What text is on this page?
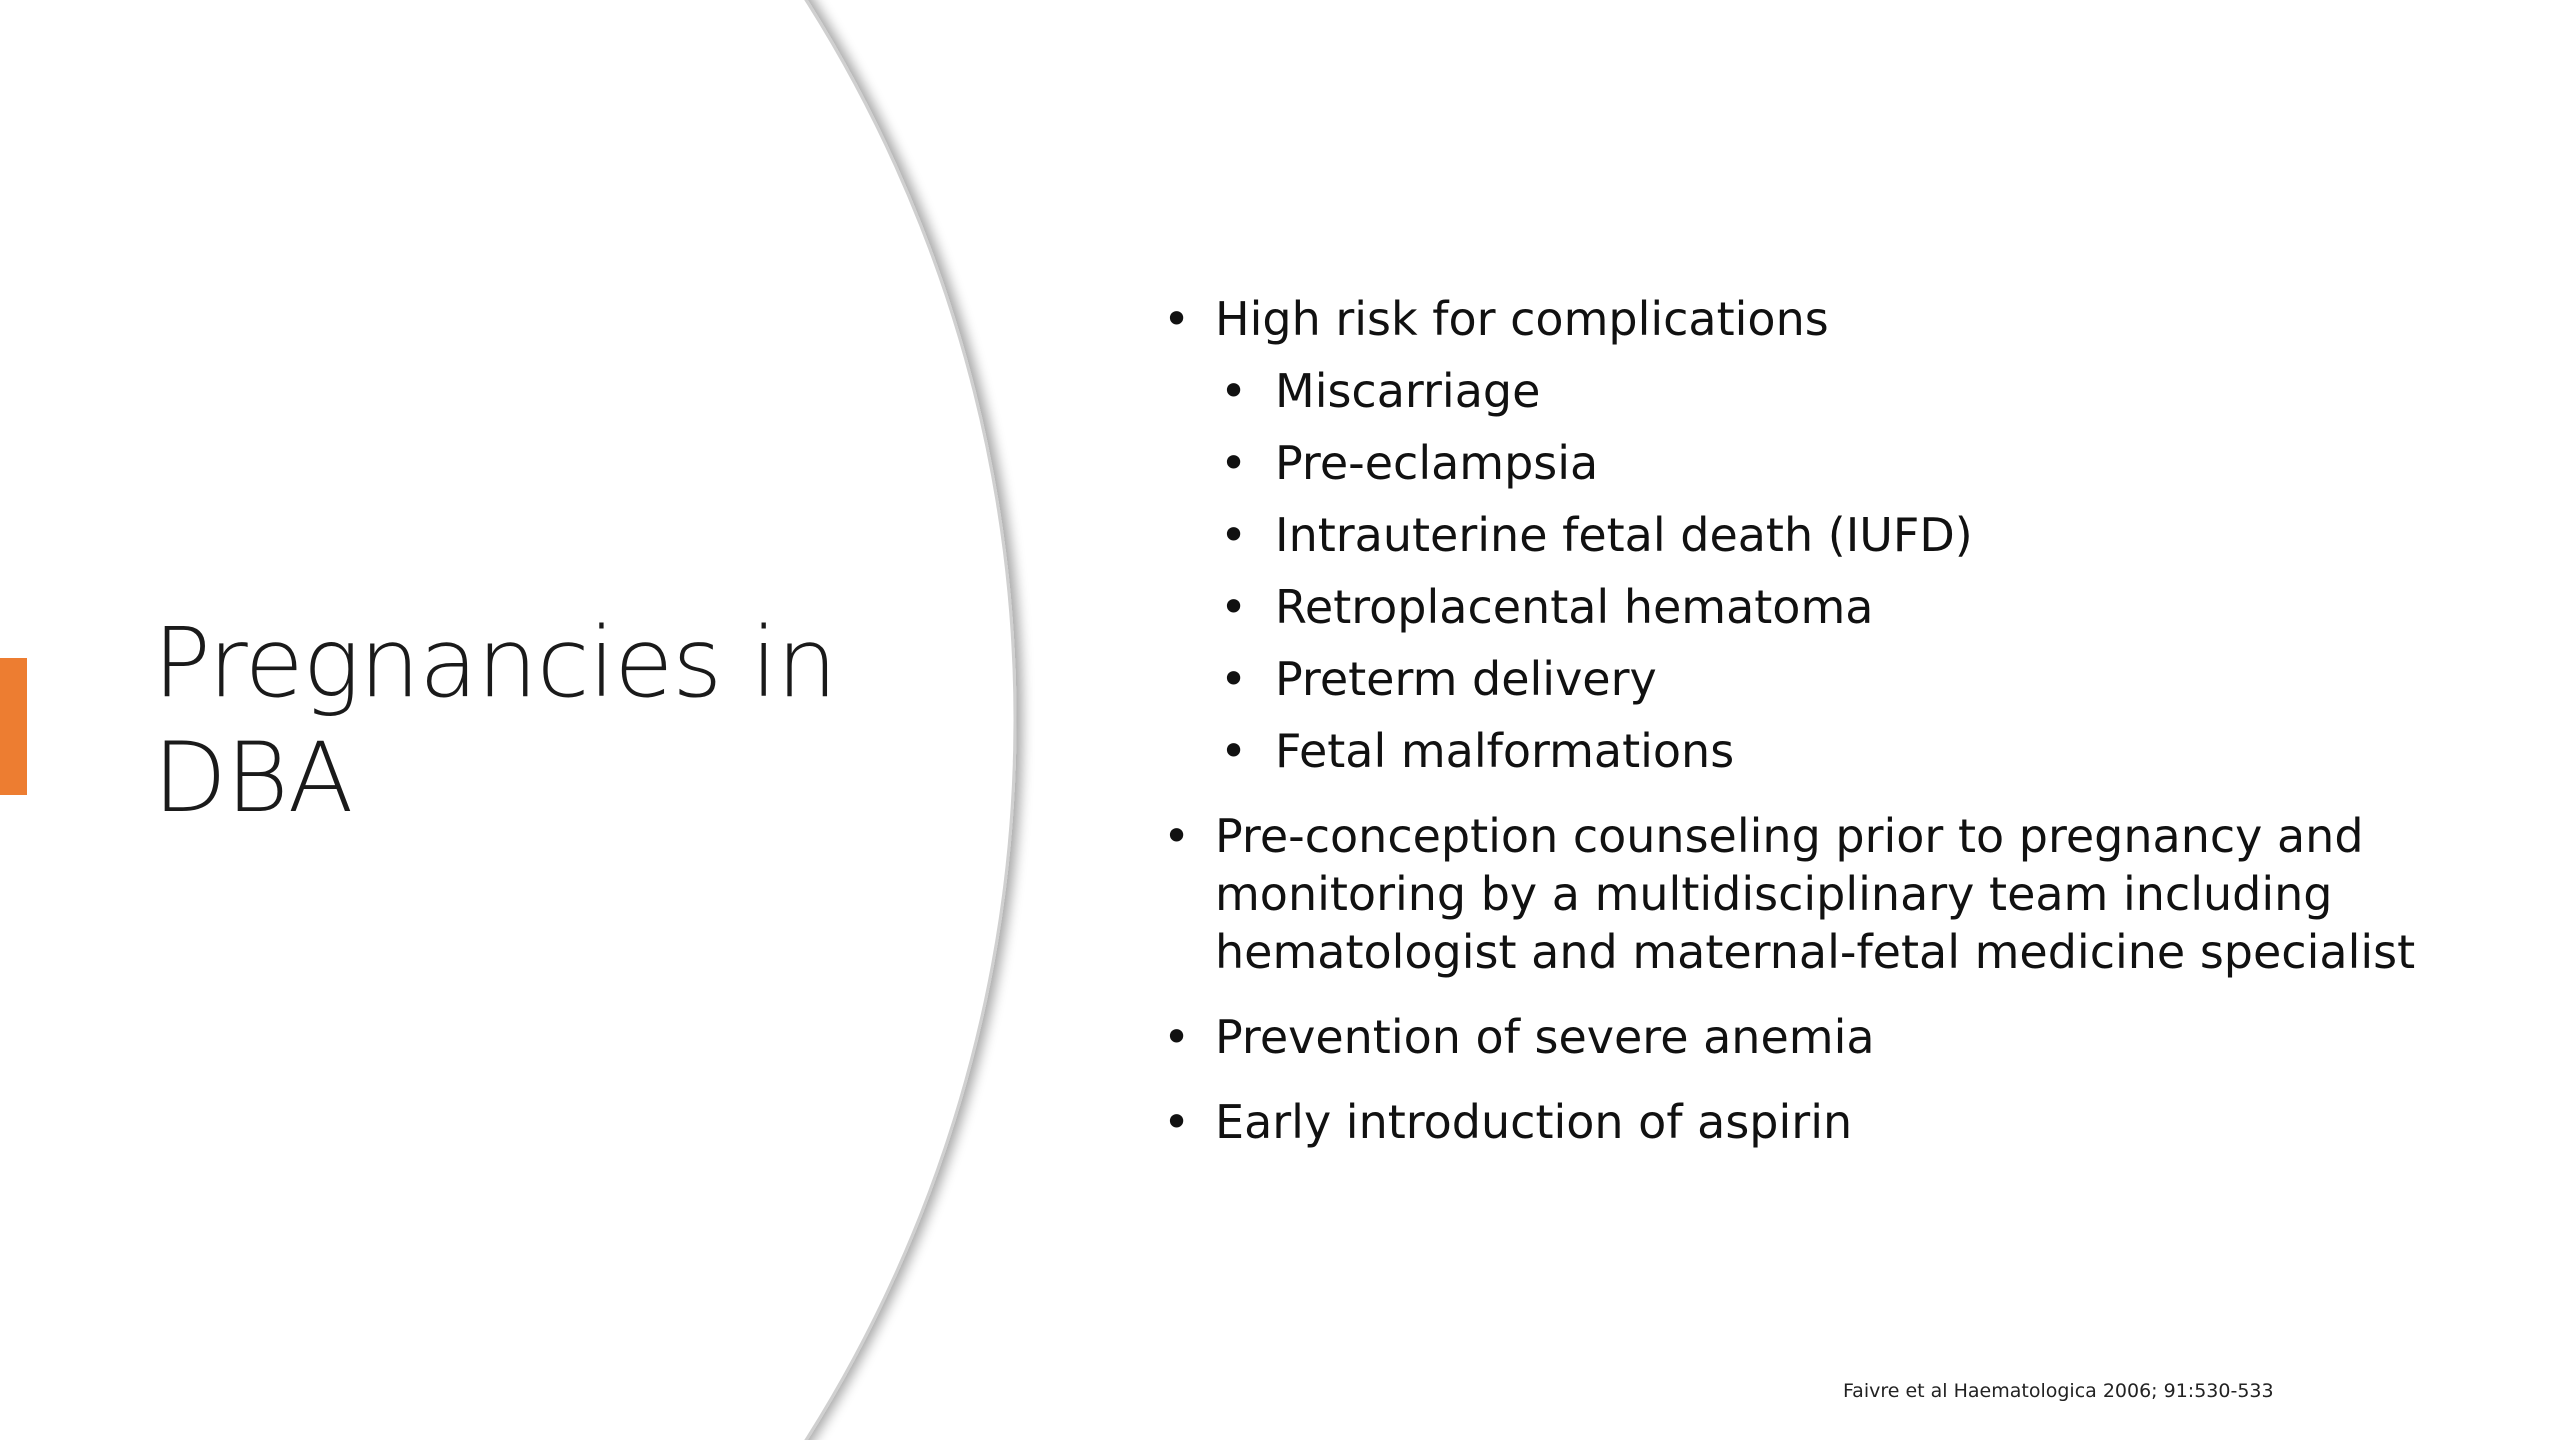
Pregnancies in
DBA
• High risk for complications
• Miscarriage
• Pre-eclampsia
• Intrauterine fetal death (IUFD)
• Retroplacental hematoma
• Preterm delivery
• Fetal malformations
• Pre-conception counseling prior to pregnancy and monitoring by a multidisciplinary team including hematologist and maternal-fetal medicine specialist
• Prevention of severe anemia
• Early introduction of aspirin
Faivre et al Haematologica 2006; 91:530-533
